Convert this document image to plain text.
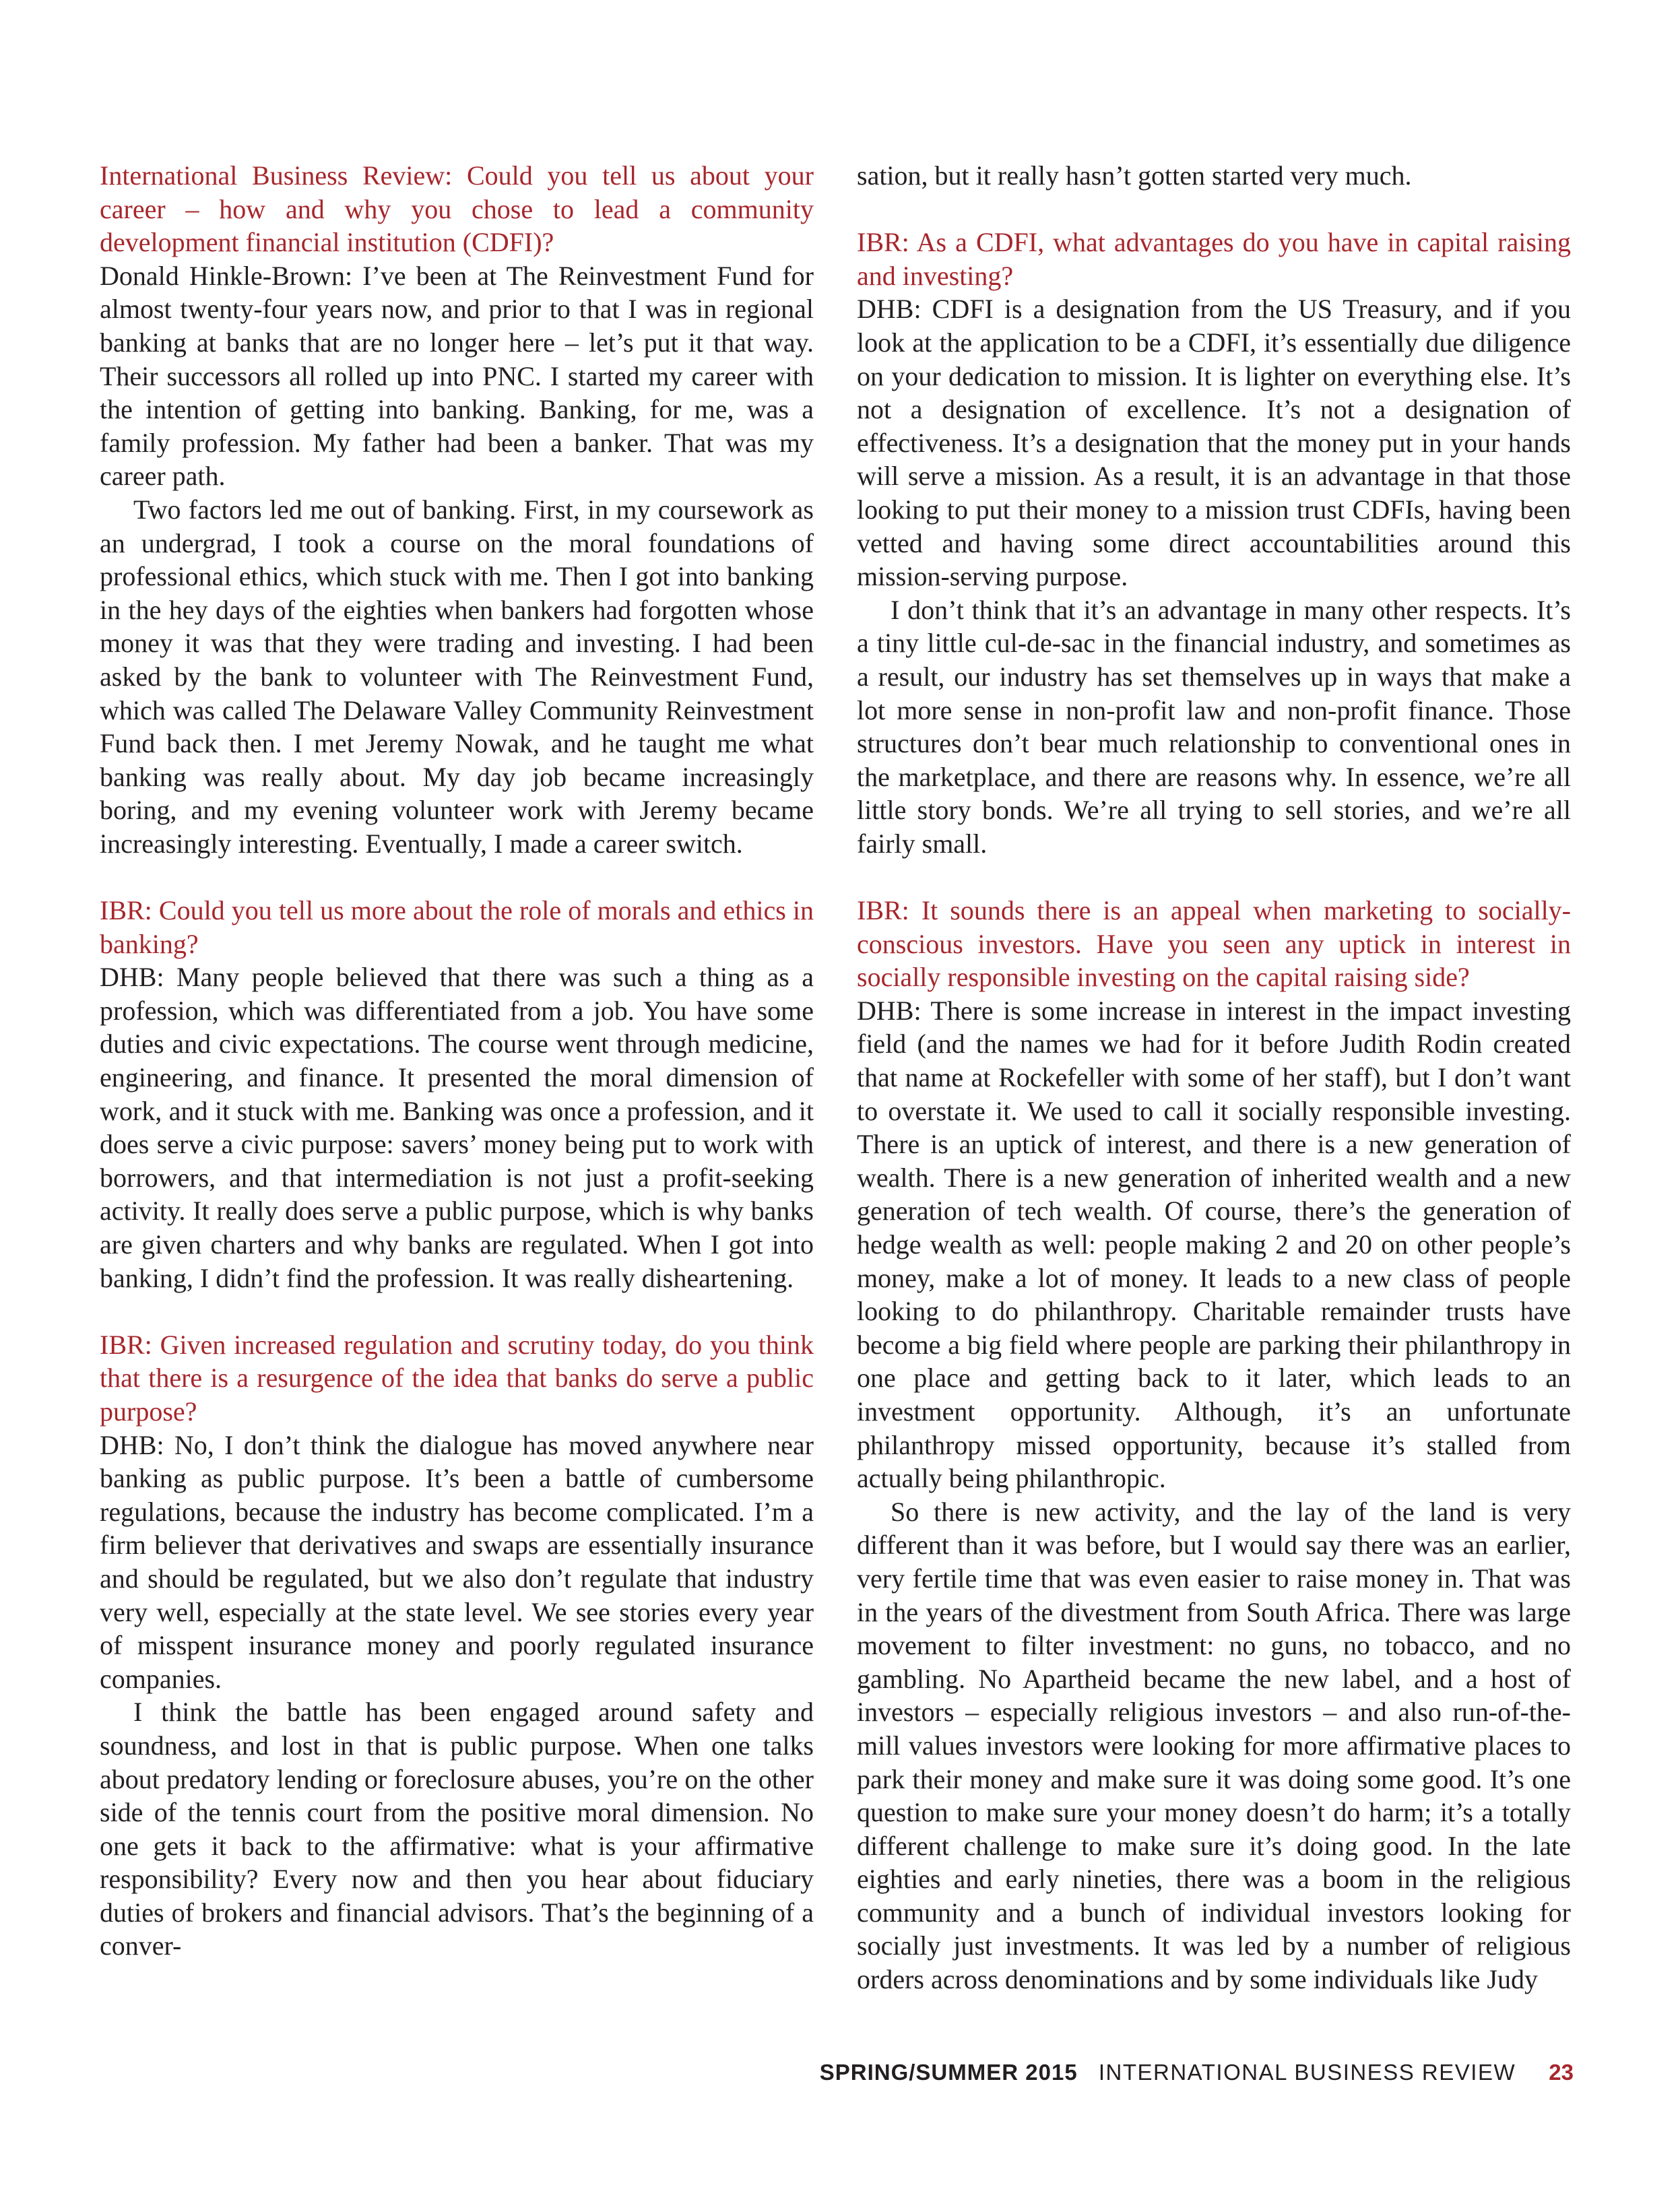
International Business Review: Could you tell us about your career – how and why you chose to lead a community development financial institution (CDFI)?

Donald Hinkle-Brown: I’ve been at The Reinvestment Fund for almost twenty-four years now, and prior to that I was in regional banking at banks that are no longer here – let’s put it that way. Their successors all rolled up into PNC. I started my career with the intention of getting into banking. Banking, for me, was a family profession. My father had been a banker. That was my career path.

Two factors led me out of banking. First, in my coursework as an undergrad, I took a course on the moral foundations of professional ethics, which stuck with me. Then I got into banking in the hey days of the eighties when bankers had forgotten whose money it was that they were trading and investing. I had been asked by the bank to volunteer with The Reinvestment Fund, which was called The Delaware Valley Community Reinvestment Fund back then. I met Jeremy Nowak, and he taught me what banking was really about. My day job became increasingly boring, and my evening volunteer work with Jeremy became increasingly interesting. Eventually, I made a career switch.

IBR: Could you tell us more about the role of morals and ethics in banking?

DHB: Many people believed that there was such a thing as a profession, which was differentiated from a job. You have some duties and civic expectations. The course went through medicine, engineering, and finance. It presented the moral dimension of work, and it stuck with me. Banking was once a profession, and it does serve a civic purpose: savers’ money being put to work with borrowers, and that intermediation is not just a profit-seeking activity. It really does serve a public purpose, which is why banks are given charters and why banks are regulated. When I got into banking, I didn’t find the profession. It was really disheartening.

IBR: Given increased regulation and scrutiny today, do you think that there is a resurgence of the idea that banks do serve a public purpose?

DHB: No, I don’t think the dialogue has moved anywhere near banking as public purpose. It’s been a battle of cumbersome regulations, because the industry has become complicated. I’m a firm believer that derivatives and swaps are essentially insurance and should be regulated, but we also don’t regulate that industry very well, especially at the state level. We see stories every year of misspent insurance money and poorly regulated insurance companies.

I think the battle has been engaged around safety and soundness, and lost in that is public purpose. When one talks about predatory lending or foreclosure abuses, you’re on the other side of the tennis court from the positive moral dimension. No one gets it back to the affirmative: what is your affirmative responsibility? Every now and then you hear about fiduciary duties of brokers and financial advisors. That’s the beginning of a conver-

sation, but it really hasn’t gotten started very much.

IBR: As a CDFI, what advantages do you have in capital raising and investing?

DHB: CDFI is a designation from the US Treasury, and if you look at the application to be a CDFI, it’s essentially due diligence on your dedication to mission. It is lighter on everything else. It’s not a designation of excellence. It’s not a designation of effectiveness. It’s a designation that the money put in your hands will serve a mission. As a result, it is an advantage in that those looking to put their money to a mission trust CDFIs, having been vetted and having some direct accountabilities around this mission-serving purpose.

I don’t think that it’s an advantage in many other respects. It’s a tiny little cul-de-sac in the financial industry, and sometimes as a result, our industry has set themselves up in ways that make a lot more sense in non-profit law and non-profit finance. Those structures don’t bear much relationship to conventional ones in the marketplace, and there are reasons why. In essence, we’re all little story bonds. We’re all trying to sell stories, and we’re all fairly small.

IBR: It sounds there is an appeal when marketing to socially-conscious investors. Have you seen any uptick in interest in socially responsible investing on the capital raising side?

DHB: There is some increase in interest in the impact investing field (and the names we had for it before Judith Rodin created that name at Rockefeller with some of her staff), but I don’t want to overstate it. We used to call it socially responsible investing. There is an uptick of interest, and there is a new generation of wealth. There is a new generation of inherited wealth and a new generation of tech wealth. Of course, there’s the generation of hedge wealth as well: people making 2 and 20 on other people’s money, make a lot of money. It leads to a new class of people looking to do philanthropy. Charitable remainder trusts have become a big field where people are parking their philanthropy in one place and getting back to it later, which leads to an investment opportunity. Although, it’s an unfortunate philanthropy missed opportunity, because it’s stalled from actually being philanthropic.

So there is new activity, and the lay of the land is very different than it was before, but I would say there was an earlier, very fertile time that was even easier to raise money in. That was in the years of the divestment from South Africa. There was large movement to filter investment: no guns, no tobacco, and no gambling. No Apartheid became the new label, and a host of investors – especially religious investors – and also run-of-the-mill values investors were looking for more affirmative places to park their money and make sure it was doing some good. It’s one question to make sure your money doesn’t do harm; it’s a totally different challenge to make sure it’s doing good. In the late eighties and early nineties, there was a boom in the religious community and a bunch of individual investors looking for socially just investments. It was led by a number of religious orders across denominations and by some individuals like Judy

SPRING/SUMMER 2015 INTERNATIONAL BUSINESS REVIEW 23
